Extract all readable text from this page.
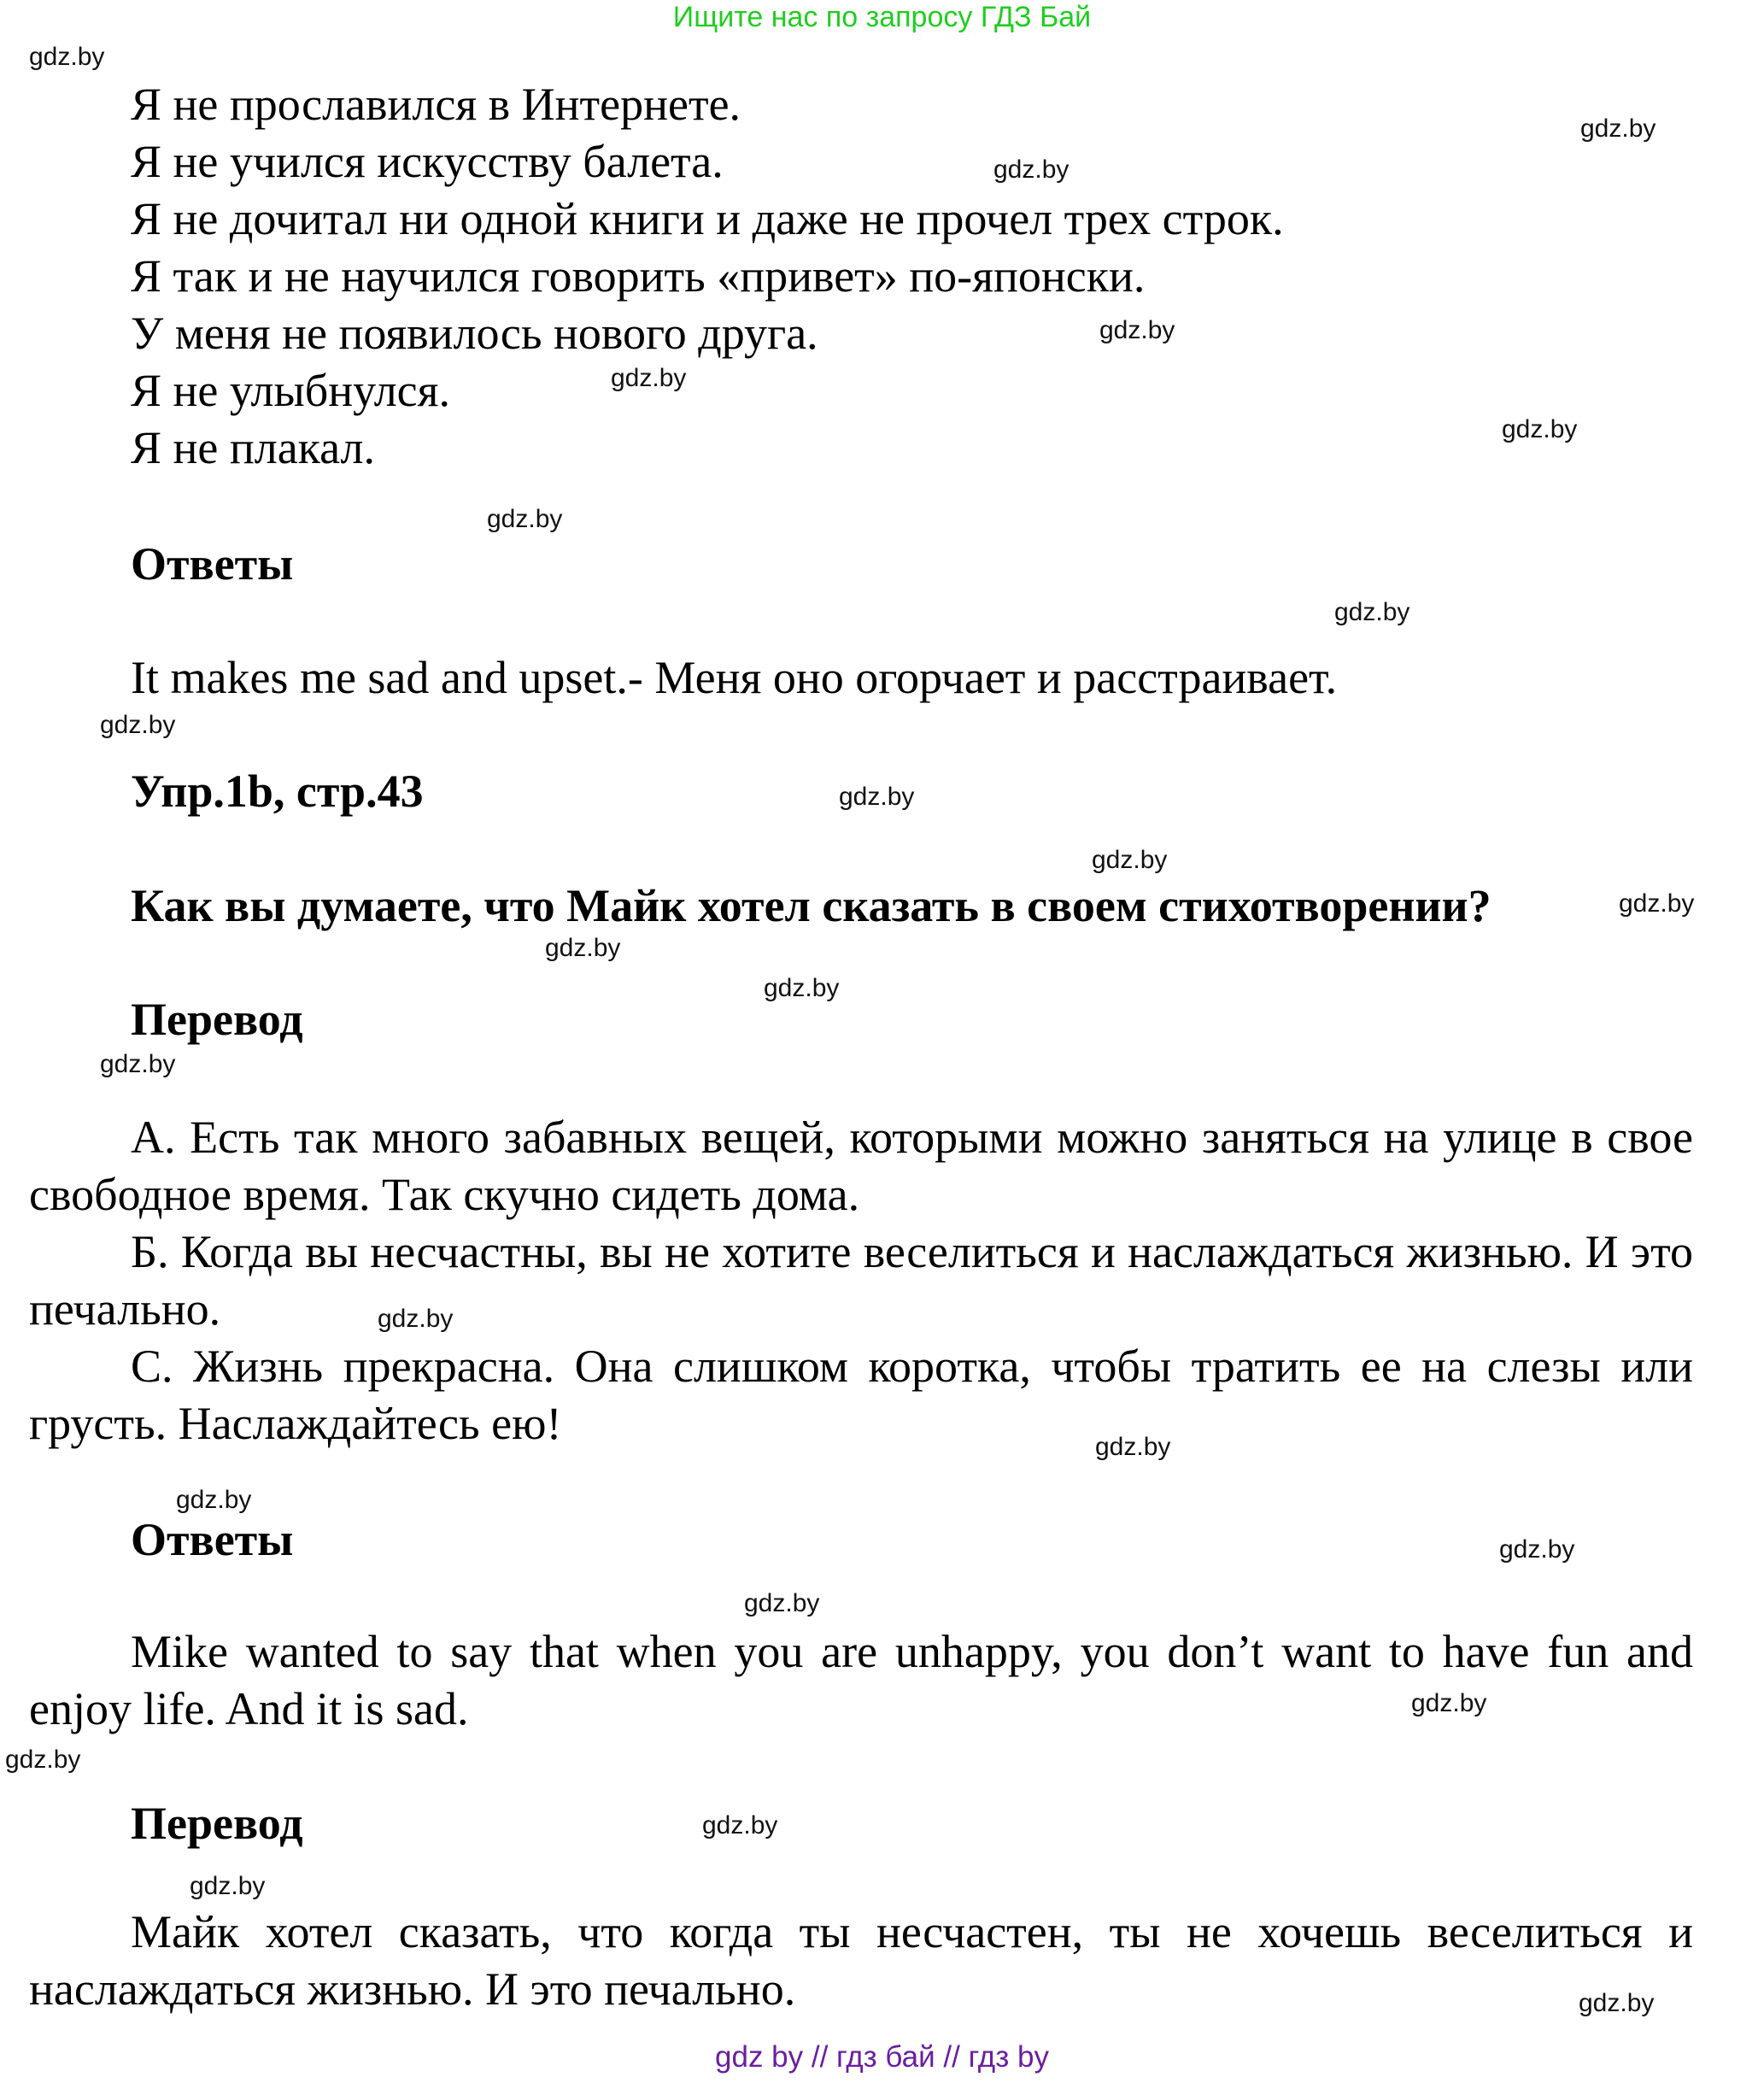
Ищите нас по запросу ГДЗ Бай
Я не прославился в Интернете.
Я не учился искусству балета.
Я не дочитал ни одной книги и даже не прочел трех строк.
Я так и не научился говорить «привет» по-японски.
У меня не появилось нового друга.
Я не улыбнулся.
Я не плакал.
Ответы
It makes me sad and upset.- Меня оно огорчает и расстраивает.
Упр.1b, стр.43
Как вы думаете, что Майк хотел сказать в своем стихотворении?
Перевод
А. Есть так много забавных вещей, которыми можно заняться на улице в свое свободное время. Так скучно сидеть дома.
Б. Когда вы несчастны, вы не хотите веселиться и наслаждаться жизнью. И это печально.
С. Жизнь прекрасна. Она слишком коротка, чтобы тратить ее на слезы или грусть. Наслаждайтесь ею!
Ответы
Mike wanted to say that when you are unhappy, you don’t want to have fun and enjoy life. And it is sad.
Перевод
Майк хотел сказать, что когда ты несчастен, ты не хочешь веселиться и наслаждаться жизнью. И это печально.
gdz.by
gdz.by
gdz.by
gdz.by
gdz.by
gdz.by
gdz.by
gdz.by
gdz.by
gdz.by
gdz.by
gdz.by
gdz.by
gdz.by
gdz.by
gdz.by
gdz.by
gdz.by
gdz.by
gdz.by
gdz.by
gdz.by
gdz.by
gdz.by
gdz.by
gdz by // гдз бай // гдз by
